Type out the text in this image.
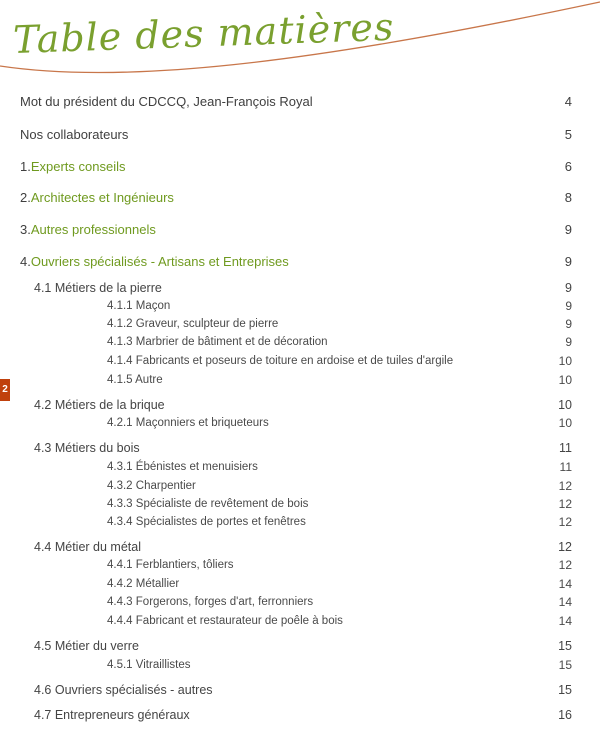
Table des matières
2
Mot du président du CDCCQ, Jean-François Royal	4
Nos collaborateurs	5
1.Experts conseils	6
2.Architectes et Ingénieurs	8
3.Autres professionnels	9
4.Ouvriers spécialisés - Artisans et Entreprises	9
4.1 Métiers de la pierre	9
4.1.1 Maçon	9
4.1.2 Graveur, sculpteur de pierre	9
4.1.3 Marbrier de bâtiment et de décoration	9
4.1.4 Fabricants et poseurs de toiture en ardoise et de tuiles d'argile	10
4.1.5 Autre	10
4.2 Métiers de la brique	10
4.2.1 Maçonniers et briqueteurs	10
4.3 Métiers du bois	11
4.3.1 Ébénistes et menuisiers	11
4.3.2 Charpentier	12
4.3.3 Spécialiste de revêtement de bois	12
4.3.4 Spécialistes de portes et fenêtres	12
4.4 Métier du métal	12
4.4.1 Ferblantiers, tôliers	12
4.4.2 Métallier	14
4.4.3 Forgerons, forges d'art, ferronniers	14
4.4.4 Fabricant et restaurateur de poêle à bois	14
4.5 Métier du verre	15
4.5.1 Vitraillistes	15
4.6 Ouvriers spécialisés - autres	15
4.7 Entrepreneurs généraux	16
